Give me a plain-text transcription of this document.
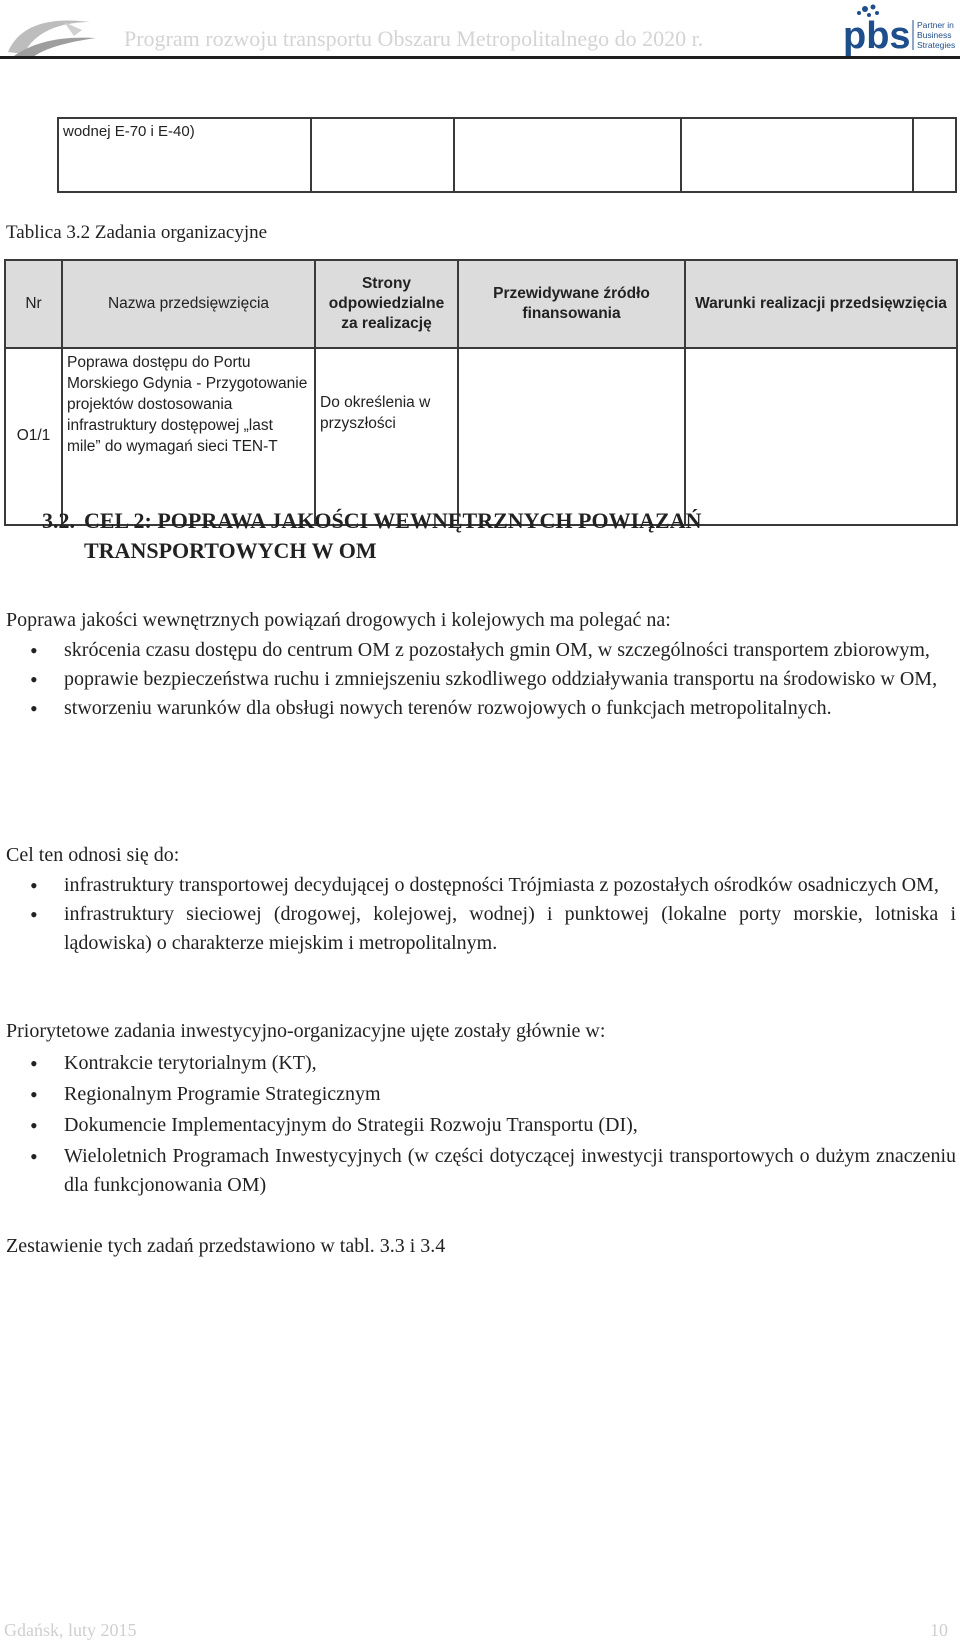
Program rozwoju transportu Obszaru Metropolitalnego do 2020 r.	pbs Partner in
Business
Strategies
wodnej E-70 i E-40)				
Tablica 3.2 Zadania organizacyjne
Nr	Nazwa przedsięwzięcia	Strony odpowiedzialne za realizację	Przewidywane źródło finansowania	Warunki realizacji przedsięwzięcia
O1/1	Poprawa dostępu do Portu Morskiego Gdynia - Przygotowanie projektów dostosowania infrastruktury dostępowej „last mile” do wymagań sieci TEN-T	Do określenia w przyszłości		
3.2. CEL 2: POPRAWA JAKOŚCI WEWNĘTRZNYCH POWIĄZAŃ
TRANSPORTOWYCH W OM
Poprawa jakości wewnętrznych powiązań drogowych i kolejowych ma polegać na:
• skrócenia czasu dostępu do centrum OM z pozostałych gmin OM, w szczególności transportem zbiorowym,
• poprawie bezpieczeństwa ruchu i zmniejszeniu szkodliwego oddziaływania transportu na środowisko w OM,
• stworzeniu warunków dla obsługi nowych terenów rozwojowych o funkcjach metropolitalnych.
Cel ten odnosi się do:
• infrastruktury transportowej decydującej o dostępności Trójmiasta z pozostałych ośrodków osadniczych OM,
• infrastruktury sieciowej (drogowej, kolejowej, wodnej) i punktowej (lokalne porty morskie, lotniska i lądowiska) o charakterze miejskim i metropolitalnym.
Priorytetowe zadania inwestycyjno-organizacyjne ujęte zostały głównie w:
• Kontrakcie terytorialnym (KT),
• Regionalnym Programie Strategicznym
• Dokumencie Implementacyjnym do Strategii Rozwoju Transportu (DI),
• Wieloletnich Programach Inwestycyjnych (w części dotyczącej inwestycji transportowych o dużym znaczeniu dla funkcjonowania OM)
Zestawienie tych zadań przedstawiono w tabl. 3.3 i 3.4
Gdańsk, luty 2015	10
